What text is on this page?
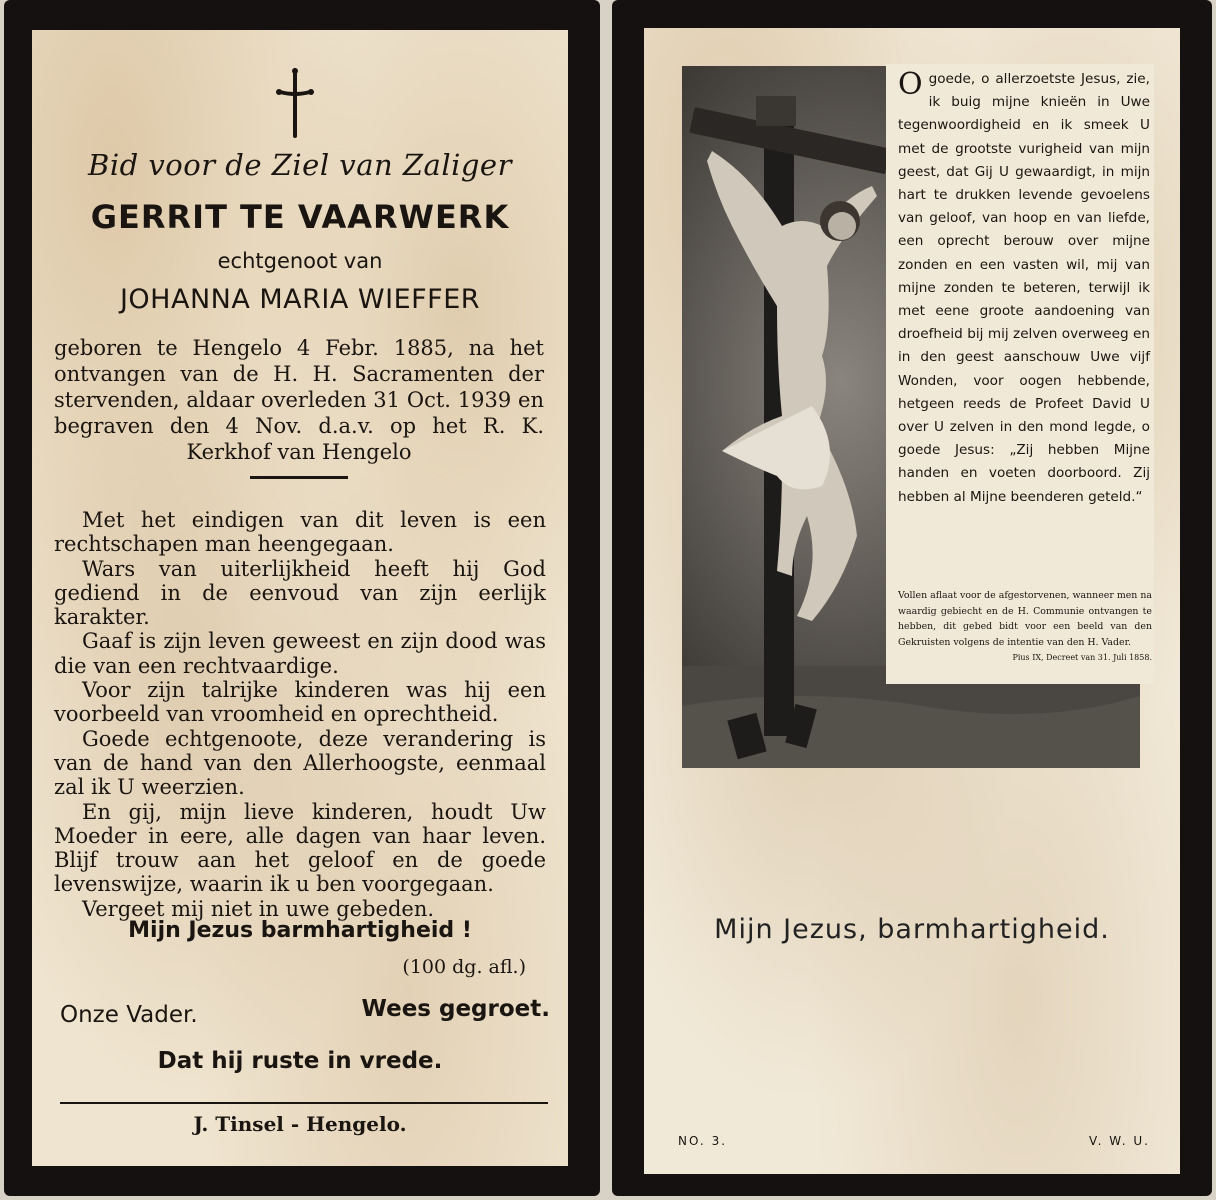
Bid voor de Ziel van Zaliger
GERRIT TE VAARWERK
echtgenoot van
JOHANNA MARIA WIEFFER

geboren te Hengelo 4 Febr. 1885, na het ontvangen van de H. H. Sacramenten der stervenden, aldaar overleden 31 Oct. 1939 en begraven den 4 Nov. d.a.v. op het R. K. Kerkhof van Hengelo

Met het eindigen van dit leven is een rechtschapen man heengegaan.
Wars van uiterlijkheid heeft hij God gediend in de eenvoud van zijn eerlijk karakter.
Gaaf is zijn leven geweest en zijn dood was die van een rechtvaardige.
Voor zijn talrijke kinderen was hij een voorbeeld van vroomheid en oprechtheid.
Goede echtgenoote, deze verandering is van de hand van den Allerhoogste, eenmaal zal ik U weerzien.
En gij, mijn lieve kinderen, houdt Uw Moeder in eere, alle dagen van haar leven. Blijf trouw aan het geloof en de goede levenswijze, waarin ik u ben voorgegaan.
Vergeet mij niet in uwe gebeden.
Mijn Jezus barmhartigheid !
(100 dg. afl.)
Onze Vader.	Wees gegroet.
Dat hij ruste in vrede.
J. Tinsel - Hengelo.

Ogoede, o allerzoetste Jesus, zie, ik buig mijne knieën in Uwe tegenwoordigheid en ik smeek U met de grootste vurigheid van mijn geest, dat Gij U gewaardigt, in mijn hart te drukken levende gevoelens van geloof, van hoop en van liefde, een oprecht berouw over mijne zonden en een vasten wil, mij van mijne zonden te beteren, terwijl ik met eene groote aandoening van droefheid bij mij zelven overweeg en in den geest aanschouw Uwe vijf Wonden, voor oogen hebbende, hetgeen reeds de Profeet David U over U zelven in den mond legde, o goede Jesus: „Zij hebben Mijne handen en voeten doorboord. Zij hebben al Mijne beenderen geteld.“

Vollen aflaat voor de afgestorvenen, wanneer men na waardig gebiecht en de H. Communie ontvangen te hebben, dit gebed bidt voor een beeld van den Gekruisten volgens de intentie van den H. Vader.
Pius IX, Decreet van 31. Juli 1858.

Mijn Jezus, barmhartigheid.
NO. 3.	V. W. U.
